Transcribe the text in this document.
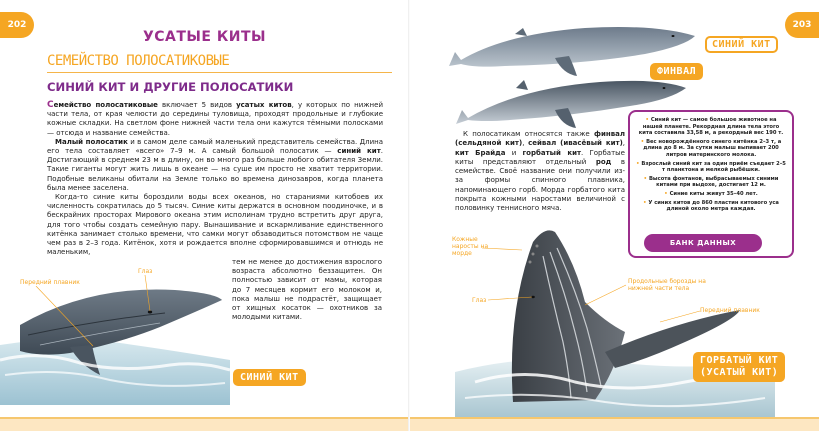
202
УСАТЫЕ КИТЫ
СЕМЕЙСТВО ПОЛОСАТИКОВЫЕ
СИНИЙ КИТ И ДРУГИЕ ПОЛОСАТИКИ

Семейство полосатиковые включает 5 видов усатых китов, у которых по нижней части тела, от края челюсти до середины туловища, проходят продольные и глубокие кожные складки. На светлом фоне нижней части тела они кажутся тёмными полосками — отсюда и название семейства.

Малый полосатик и в самом деле самый маленький представитель семейства. Длина его тела составляет «всего» 7–9 м. А самый большой полосатик — синий кит. Достигающий в среднем 23 м в длину, он во много раз больше любого обитателя Земли. Такие гиганты могут жить лишь в океане — на суше им просто не хватит территории. Подобные великаны обитали на Земле только во времена динозавров, когда планета была менее заселена.

Когда-то синие киты бороздили воды всех океанов, но стараниями китобоев их численность сократилась до 5 тысяч. Синие киты держатся в основном поодиночке, и в бескрайних просторах Мирового океана этим исполинам трудно встретить друг друга, для того чтобы создать семейную пару. Вынашивание и вскармливание единственного китёнка занимает столько времени, что самки могут обзаводиться потомством не чаще чем раз в 2–3 года. Китёнок, хотя и рождается вполне сформировавшимся и отнюдь не маленьким,

тем не менее до достижения взрослого возраста абсолютно беззащитен. Он полностью зависит от мамы, которая до 7 месяцев кормит его молоком и, пока малыш не подрастёт, защищает от хищных косаток — охотников за молодыми китами.
Глаз
Передний плавник
СИНИЙ КИТ
203
СИНИЙ КИТ
ФИНВАЛ

К полосатикам относятся также финвал (сельдяной кит), сейвал (ивасёвый кит), кит Брайда и горбатый кит. Горбатые киты представляют отдельный род в семействе. Своё название они получили из-за формы спинного плавника, напоминающего горб. Морда горбатого кита покрыта кожными наростами величиной с половинку теннисного мяча.

• Синий кит — самое большое животное на нашей планете. Рекордная длина тела этого кита составила 33,58 м, а рекордный вес 190 т.
• Вес новорождённого синего китёнка 2–3 т, а длина до 8 м. За сутки малыш выпивает 200 литров материнского молока.
• Взрослый синий кит за один приём съедает 2–5 т планктона и мелкой рыбёшки.
• Высота фонтанов, выбрасываемых синими китами при выдохе, достигает 12 м.
• Синие киты живут 35–40 лет.
• У синих китов до 860 пластин китового уса длиной около метра каждая.
БАНК ДАННЫХ
Кожные наросты на морде
Продольные борозды на нижней части тела
Глаз
Передний плавник
ГОРБАТЫЙ КИТ
(УСАТЫЙ КИТ)
